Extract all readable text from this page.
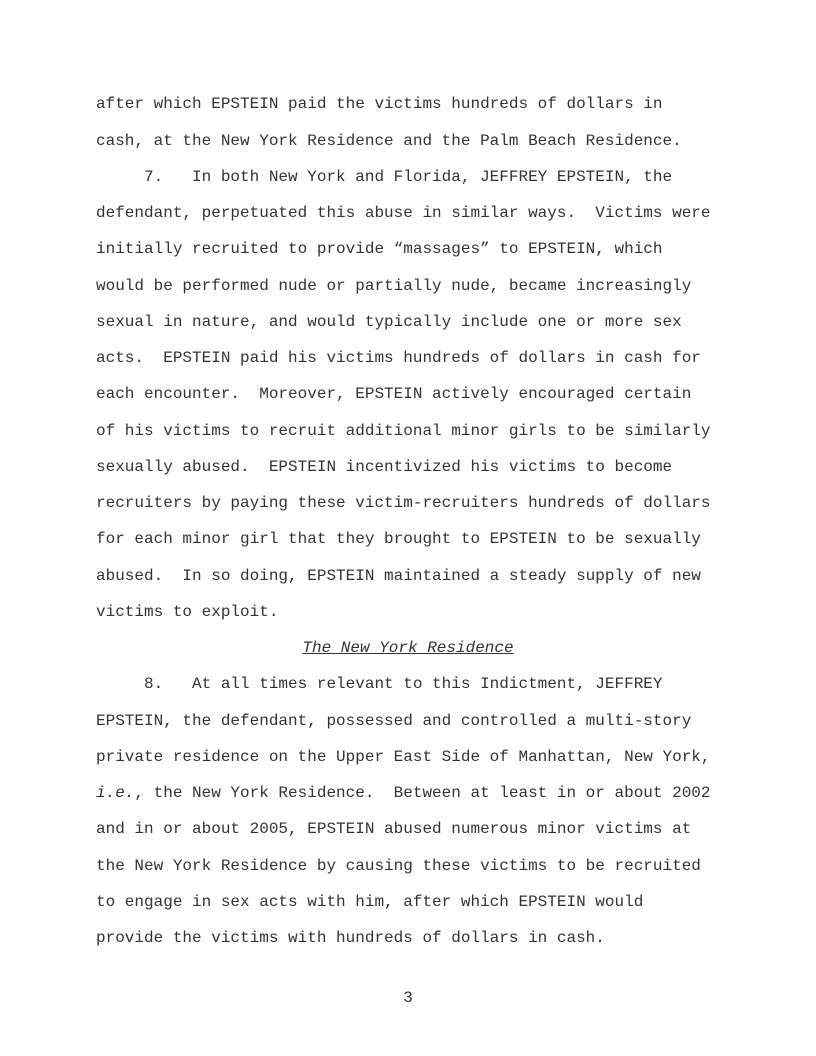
after which EPSTEIN paid the victims hundreds of dollars in
cash, at the New York Residence and the Palm Beach Residence.
7.   In both New York and Florida, JEFFREY EPSTEIN, the
defendant, perpetuated this abuse in similar ways.  Victims were
initially recruited to provide “massages” to EPSTEIN, which
would be performed nude or partially nude, became increasingly
sexual in nature, and would typically include one or more sex
acts.  EPSTEIN paid his victims hundreds of dollars in cash for
each encounter.  Moreover, EPSTEIN actively encouraged certain
of his victims to recruit additional minor girls to be similarly
sexually abused.  EPSTEIN incentivized his victims to become
recruiters by paying these victim-recruiters hundreds of dollars
for each minor girl that they brought to EPSTEIN to be sexually
abused.  In so doing, EPSTEIN maintained a steady supply of new
victims to exploit.
The New York Residence
8.   At all times relevant to this Indictment, JEFFREY
EPSTEIN, the defendant, possessed and controlled a multi-story
private residence on the Upper East Side of Manhattan, New York,
i.e., the New York Residence.  Between at least in or about 2002
and in or about 2005, EPSTEIN abused numerous minor victims at
the New York Residence by causing these victims to be recruited
to engage in sex acts with him, after which EPSTEIN would
provide the victims with hundreds of dollars in cash.
3
